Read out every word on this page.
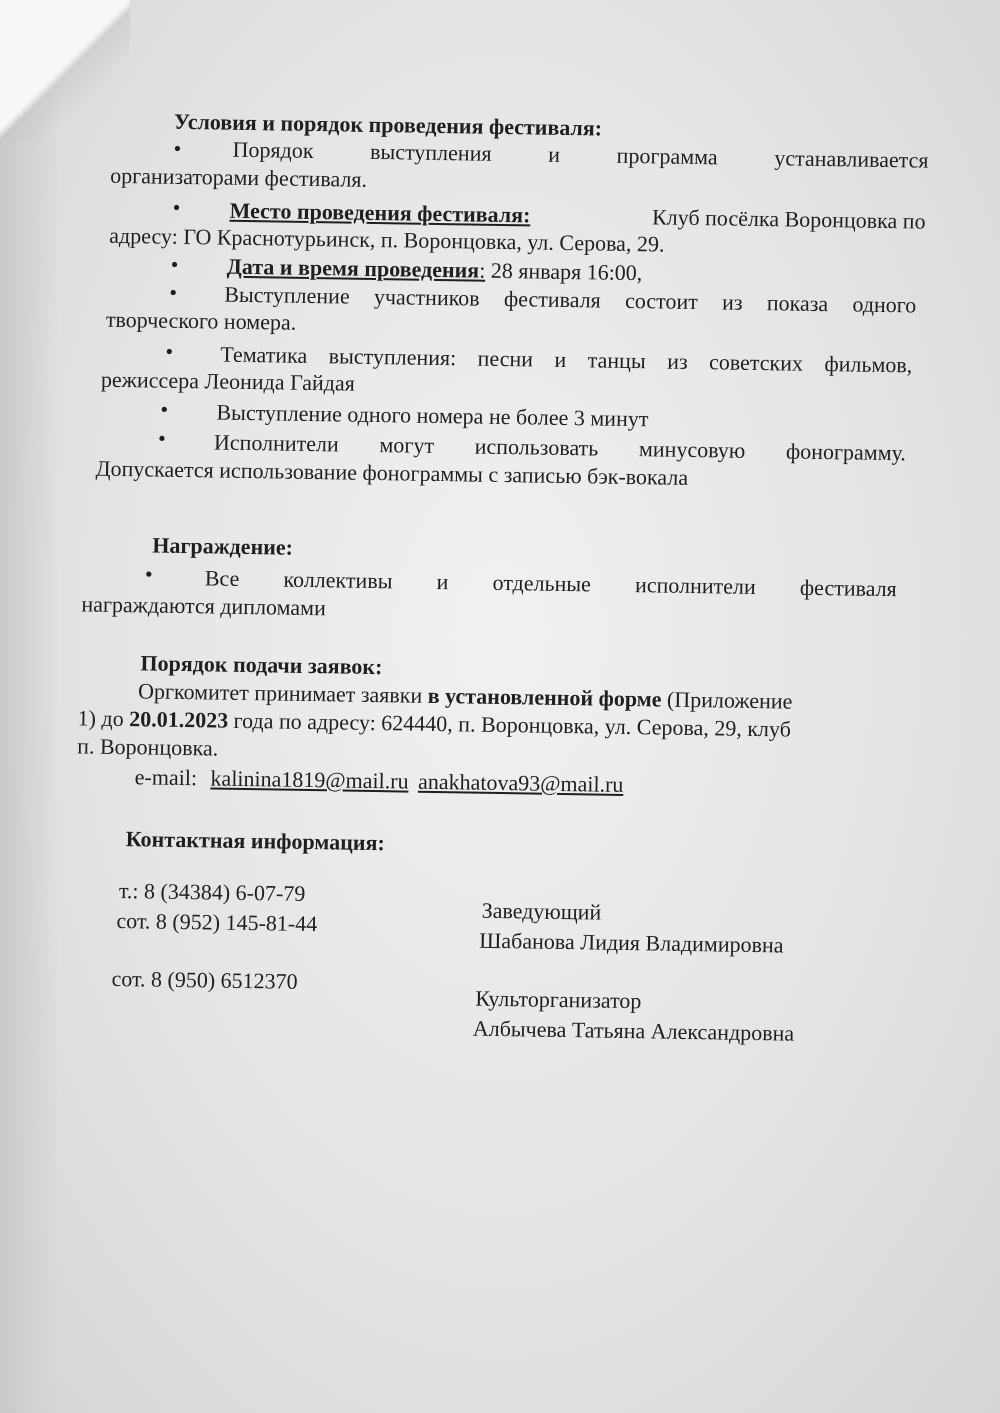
Условия и порядок проведения фестиваля:
• Порядок	выступления	и	программа	устанавливается
организаторами фестиваля.
• Место проведения фестиваля:	Клуб посёлка Воронцовка по
адресу: ГО Краснотурьинск, п. Воронцовка, ул. Серова, 29.
• Дата и время проведения: 28 января 16:00,
• Выступление участников фестиваля состоит из показа одного
творческого номера.
• Тематика выступления: песни и танцы из советских фильмов,
режиссера Леонида Гайдая
• Выступление одного номера не более 3 минут
• Исполнители могут использовать минусовую фонограмму.
Допускается использование фонограммы с записью бэк-вокала
Награждение:
• Все коллективы и отдельные исполнители фестиваля
награждаются дипломами
Порядок подачи заявок:
Оргкомитет принимает заявки в установленной форме (Приложение
1) до 20.01.2023 года по адресу: 624440, п. Воронцовка, ул. Серова, 29, клуб
п. Воронцовка.
e-mail: kalinina1819@mail.ru anakhatova93@mail.ru
Контактная информация:
т.: 8 (34384) 6-07-79
сот. 8 (952) 145-81-44
сот. 8 (950) 6512370
Заведующий
Шабанова Лидия Владимировна
Культорганизатор
Албычева Татьяна Александровна
